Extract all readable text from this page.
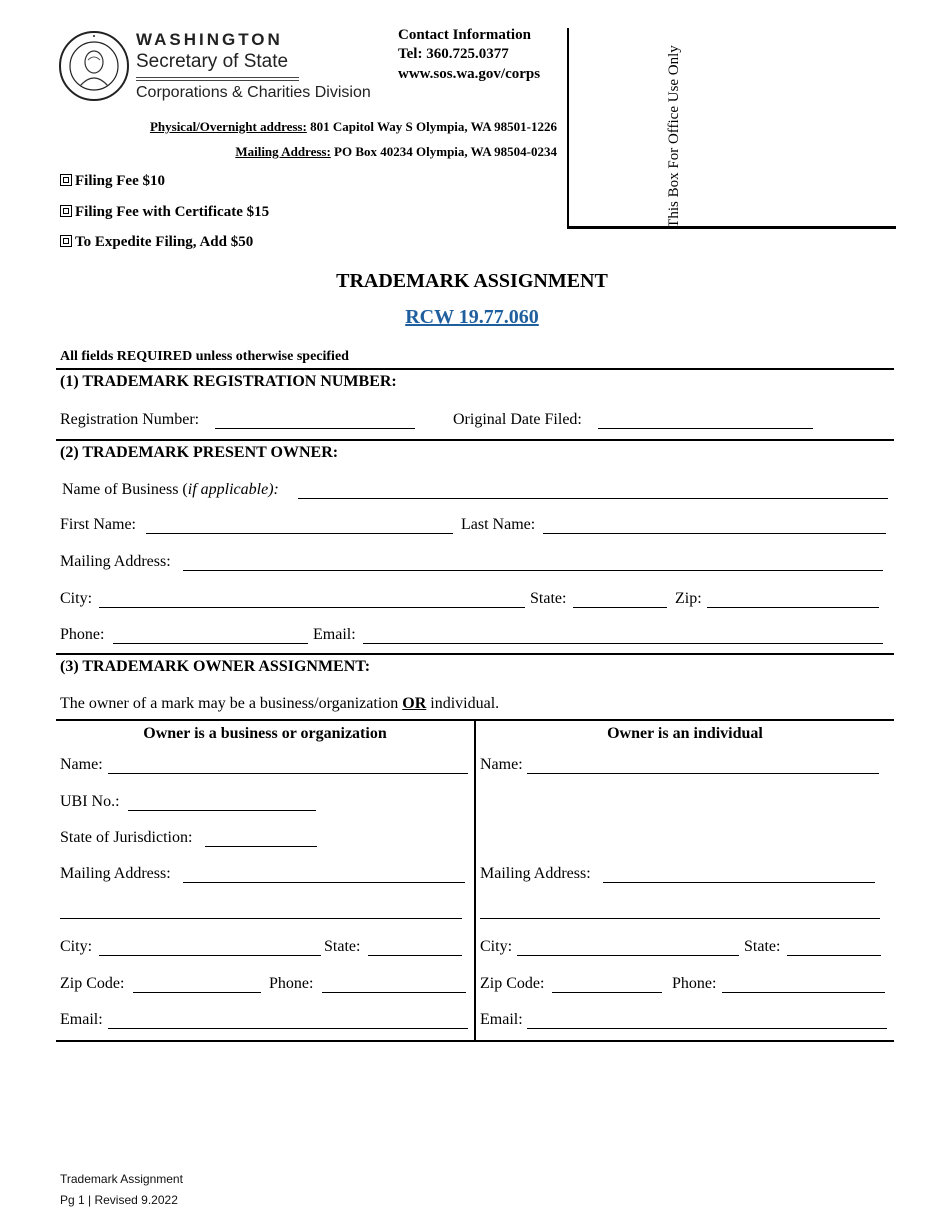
WASHINGTON
Secretary of State
Corporations & Charities Division
Contact Information
Tel: 360.725.0377
www.sos.wa.gov/corps
Physical/Overnight address: 801 Capitol Way S Olympia, WA 98501-1226
Mailing Address: PO Box 40234 Olympia, WA 98504-0234	This Box For Office Use Only
Filing Fee $10
Filing Fee with Certificate $15
To Expedite Filing, Add $50
TRADEMARK ASSIGNMENT
RCW 19.77.060
All fields REQUIRED unless otherwise specified
(1) TRADEMARK REGISTRATION NUMBER:
Registration Number:	Original Date Filed:
(2) TRADEMARK PRESENT OWNER:
Name of Business (if applicable):
First Name:	Last Name:
Mailing Address:
City:	State:	Zip:
Phone:	Email:
(3) TRADEMARK OWNER ASSIGNMENT:
The owner of a mark may be a business/organization OR individual.
Owner is a business or organization
Name:
UBI No.:
State of Jurisdiction:
Mailing Address:
City:	State:
Zip Code:	Phone:
Email:
Owner is an individual
Name:
Mailing Address:
City:	State:
Zip Code:	Phone:
Email:
Trademark Assignment
Pg 1 | Revised 9.2022
